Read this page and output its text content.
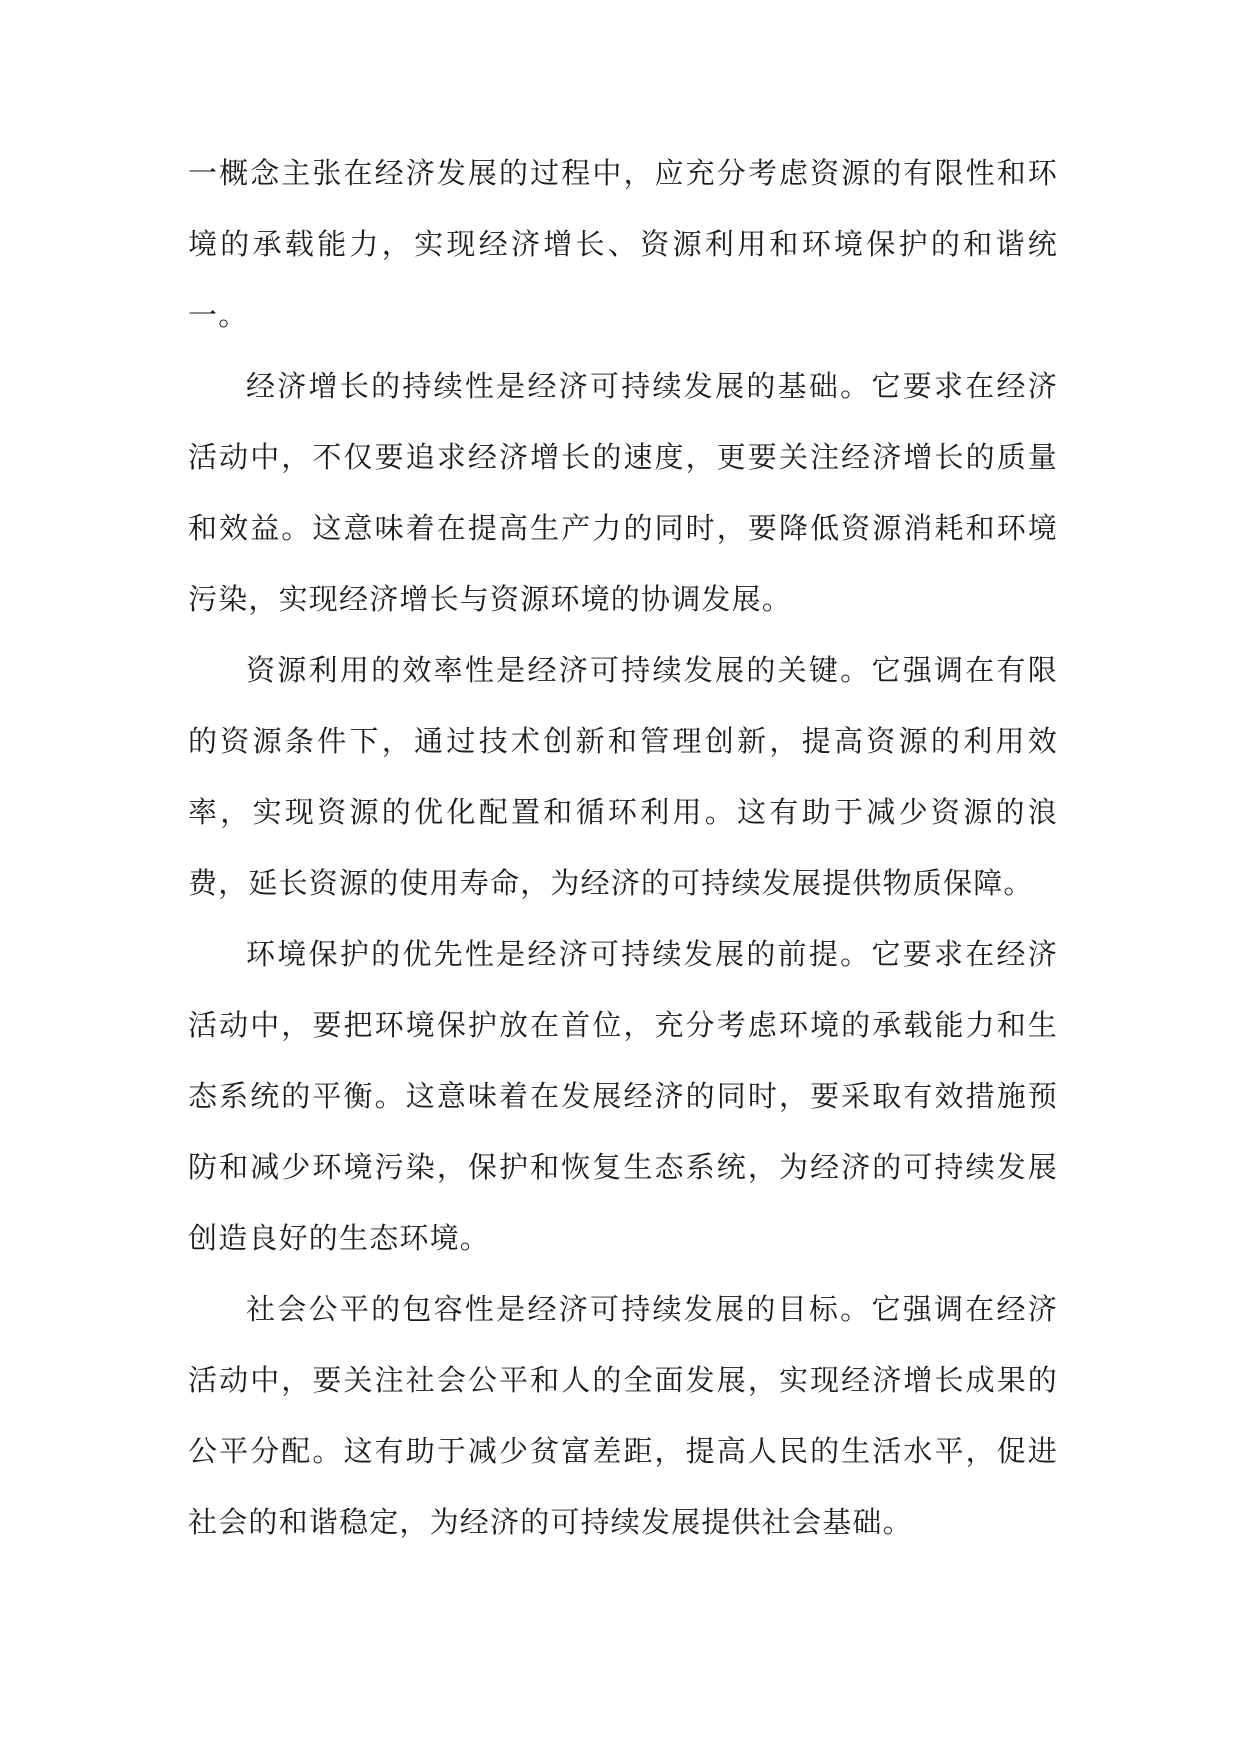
一概念主张在经济发展的过程中，应充分考虑资源的有限性和环境的承载能力，实现经济增长、资源利用和环境保护的和谐统一。

经济增长的持续性是经济可持续发展的基础。它要求在经济活动中，不仅要追求经济增长的速度，更要关注经济增长的质量和效益。这意味着在提高生产力的同时，要降低资源消耗和环境污染，实现经济增长与资源环境的协调发展。

资源利用的效率性是经济可持续发展的关键。它强调在有限的资源条件下，通过技术创新和管理创新，提高资源的利用效率，实现资源的优化配置和循环利用。这有助于减少资源的浪费，延长资源的使用寿命，为经济的可持续发展提供物质保障。

环境保护的优先性是经济可持续发展的前提。它要求在经济活动中，要把环境保护放在首位，充分考虑环境的承载能力和生态系统的平衡。这意味着在发展经济的同时，要采取有效措施预防和减少环境污染，保护和恢复生态系统，为经济的可持续发展创造良好的生态环境。

社会公平的包容性是经济可持续发展的目标。它强调在经济活动中，要关注社会公平和人的全面发展，实现经济增长成果的公平分配。这有助于减少贫富差距，提高人民的生活水平，促进社会的和谐稳定，为经济的可持续发展提供社会基础。
